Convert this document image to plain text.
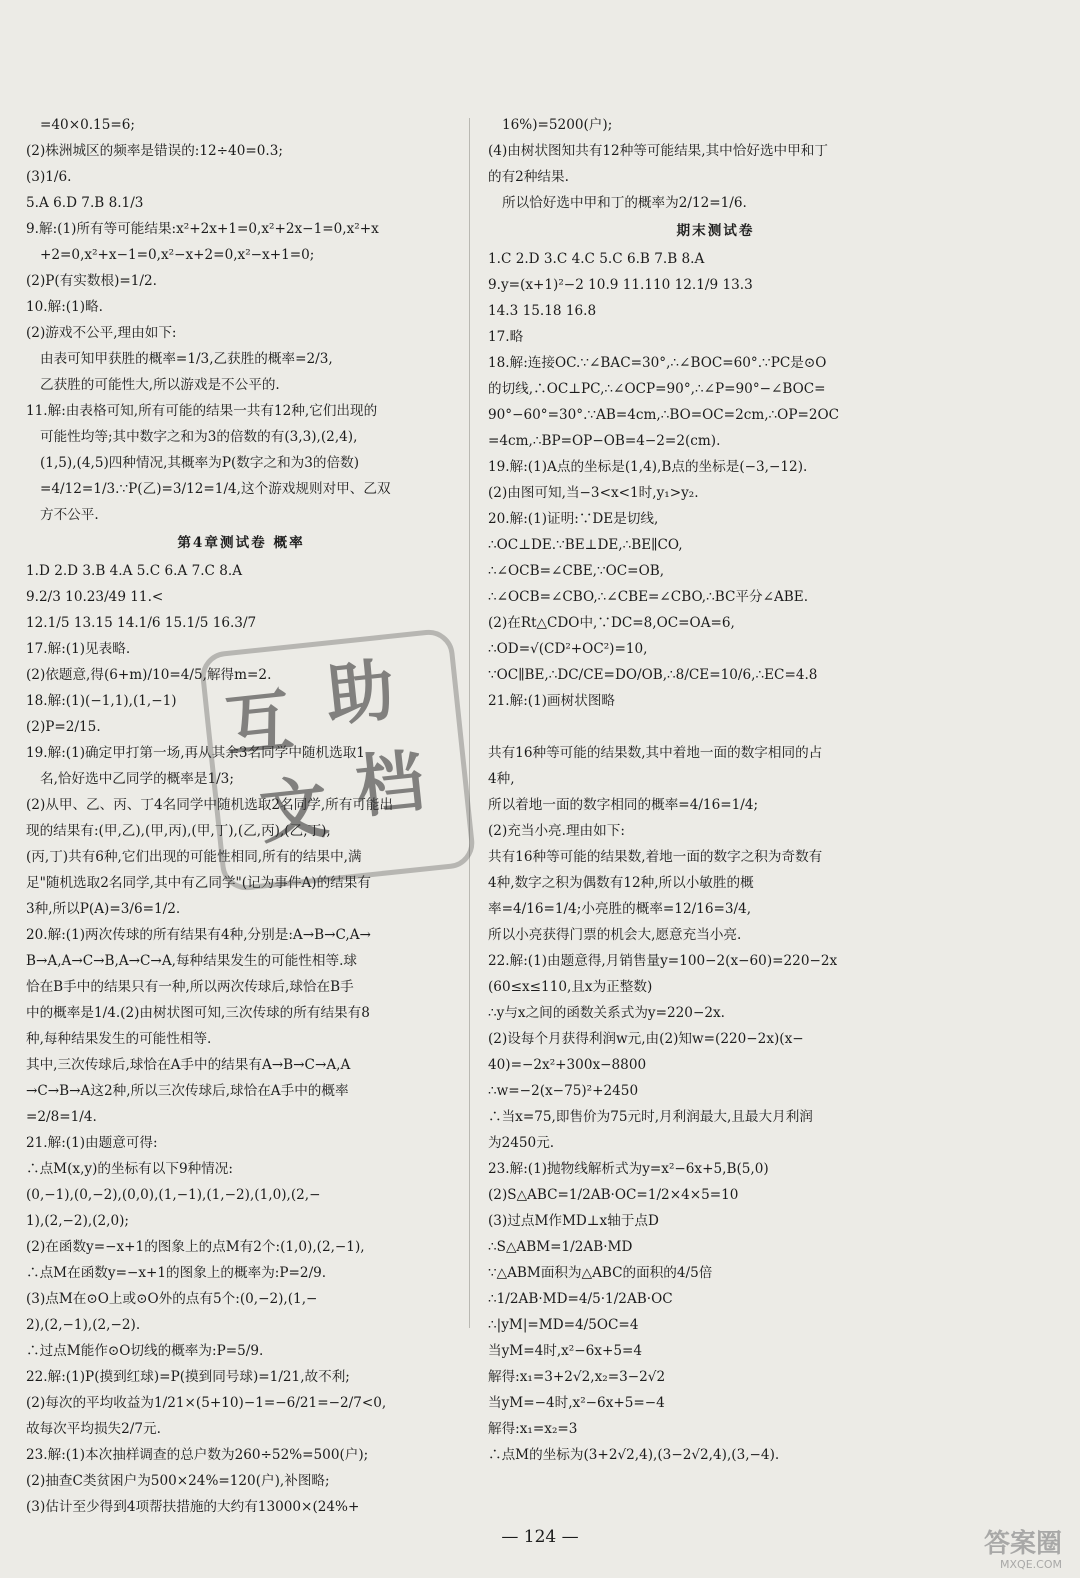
=40×0.15=6;
(2)株洲城区的频率是错误的:12÷40=0.3;
(3)1/6.
5.A 6.D 7.B 8.1/3
9.解:(1)所有等可能结果:x²+2x+1=0,x²+2x−1=0,x²+x
+2=0,x²+x−1=0,x²−x+2=0,x²−x+1=0;
(2)P(有实数根)=1/2.
10.解:(1)略.
(2)游戏不公平,理由如下:
由表可知甲获胜的概率=1/3,乙获胜的概率=2/3,
乙获胜的可能性大,所以游戏是不公平的.
11.解:由表格可知,所有可能的结果一共有12种,它们出现的
可能性均等;其中数字之和为3的倍数的有(3,3),(2,4),
(1,5),(4,5)四种情况,其概率为P(数字之和为3的倍数)
=4/12=1/3.∵P(乙)=3/12=1/4,这个游戏规则对甲、乙双
方不公平.
第4章测试卷 概率
1.D 2.D 3.B 4.A 5.C 6.A 7.C 8.A
9.2/3 10.23/49 11.<
12.1/5 13.15 14.1/6 15.1/5 16.3/7
17.解:(1)见表略.
(2)依题意,得(6+m)/10=4/5,解得m=2.
18.解:(1)(−1,1),(1,−1)
(2)P=2/15.
19.解:(1)确定甲打第一场,再从其余3名同学中随机选取1
名,恰好选中乙同学的概率是1/3;
(2)从甲、乙、丙、丁4名同学中随机选取2名同学,所有可能出
现的结果有:(甲,乙),(甲,丙),(甲,丁),(乙,丙),(乙,丁),
(丙,丁)共有6种,它们出现的可能性相同,所有的结果中,满
足"随机选取2名同学,其中有乙同学"(记为事件A)的结果有
3种,所以P(A)=3/6=1/2.
20.解:(1)两次传球的所有结果有4种,分别是:A→B→C,A→
B→A,A→C→B,A→C→A,每种结果发生的可能性相等.球
恰在B手中的结果只有一种,所以两次传球后,球恰在B手
中的概率是1/4.(2)由树状图可知,三次传球的所有结果有8
种,每种结果发生的可能性相等.
其中,三次传球后,球恰在A手中的结果有A→B→C→A,A
→C→B→A这2种,所以三次传球后,球恰在A手中的概率
=2/8=1/4.
21.解:(1)由题意可得:
∴点M(x,y)的坐标有以下9种情况:
(0,−1),(0,−2),(0,0),(1,−1),(1,−2),(1,0),(2,−
1),(2,−2),(2,0);
(2)在函数y=−x+1的图象上的点M有2个:(1,0),(2,−1),
∴点M在函数y=−x+1的图象上的概率为:P=2/9.
(3)点M在⊙O上或⊙O外的点有5个:(0,−2),(1,−
2),(2,−1),(2,−2).
∴过点M能作⊙O切线的概率为:P=5/9.
22.解:(1)P(摸到红球)=P(摸到同号球)=1/21,故不利;
(2)每次的平均收益为1/21×(5+10)−1=−6/21=−2/7<0,
故每次平均损失2/7元.
23.解:(1)本次抽样调查的总户数为260÷52%=500(户);
(2)抽查C类贫困户为500×24%=120(户),补图略;
(3)估计至少得到4项帮扶措施的大约有13000×(24%+
16%)=5200(户);
(4)由树状图知共有12种等可能结果,其中恰好选中甲和丁
的有2种结果.
所以恰好选中甲和丁的概率为2/12=1/6.
期末测试卷
1.C 2.D 3.C 4.C 5.C 6.B 7.B 8.A
9.y=(x+1)²−2 10.9 11.110 12.1/9 13.3
14.3 15.18 16.8
17.略
18.解:连接OC.∵∠BAC=30°,∴∠BOC=60°.∵PC是⊙O
的切线,∴OC⊥PC,∴∠OCP=90°,∴∠P=90°−∠BOC=
90°−60°=30°.∵AB=4cm,∴BO=OC=2cm,∴OP=2OC
=4cm,∴BP=OP−OB=4−2=2(cm).
19.解:(1)A点的坐标是(1,4),B点的坐标是(−3,−12).
(2)由图可知,当−3<x<1时,y₁>y₂.
20.解:(1)证明:∵DE是切线,
∴OC⊥DE.∵BE⊥DE,∴BE∥CO,
∴∠OCB=∠CBE,∵OC=OB,
∴∠OCB=∠CBO,∴∠CBE=∠CBO,∴BC平分∠ABE.
(2)在Rt△CDO中,∵DC=8,OC=OA=6,
∴OD=√(CD²+OC²)=10,
∵OC∥BE,∴DC/CE=DO/OB,∴8/CE=10/6,∴EC=4.8
21.解:(1)画树状图略
共有16种等可能的结果数,其中着地一面的数字相同的占
4种,
所以着地一面的数字相同的概率=4/16=1/4;
(2)充当小亮.理由如下:
共有16种等可能的结果数,着地一面的数字之积为奇数有
4种,数字之积为偶数有12种,所以小敏胜的概
率=4/16=1/4;小亮胜的概率=12/16=3/4,
所以小亮获得门票的机会大,愿意充当小亮.
22.解:(1)由题意得,月销售量y=100−2(x−60)=220−2x
(60≤x≤110,且x为正整数)
∴y与x之间的函数关系式为y=220−2x.
(2)设每个月获得利润w元,由(2)知w=(220−2x)(x−
40)=−2x²+300x−8800
∴w=−2(x−75)²+2450
∴当x=75,即售价为75元时,月利润最大,且最大月利润
为2450元.
23.解:(1)抛物线解析式为y=x²−6x+5,B(5,0)
(2)S△ABC=1/2AB·OC=1/2×4×5=10
(3)过点M作MD⊥x轴于点D
∴S△ABM=1/2AB·MD
∵△ABM面积为△ABC的面积的4/5倍
∴1/2AB·MD=4/5·1/2AB·OC
∴|yM|=MD=4/5OC=4
当yM=4时,x²−6x+5=4
解得:x₁=3+2√2,x₂=3−2√2
当yM=−4时,x²−6x+5=−4
解得:x₁=x₂=3
∴点M的坐标为(3+2√2,4),(3−2√2,4),(3,−4).
互 助
文 档
— 124 —	答案圈
MXQE.COM
